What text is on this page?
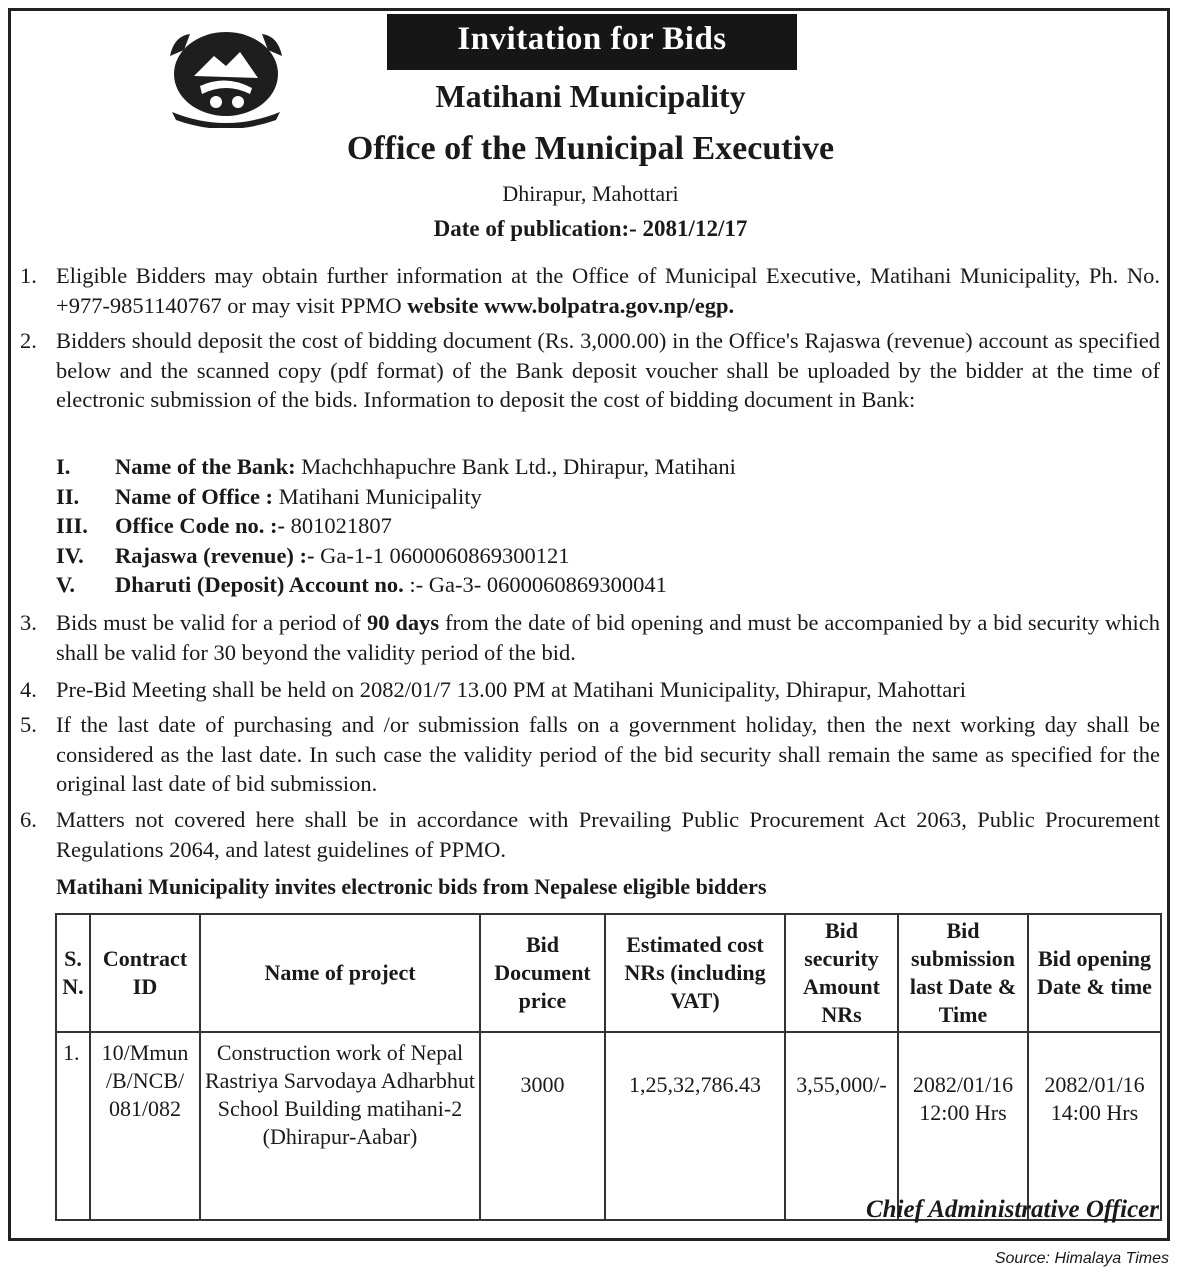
​
Invitation for Bids
Matihani Municipality
Office of the Municipal Executive
Dhirapur, Mahottari
Date of publication:- 2081/12/17
1. Eligible Bidders may obtain further information at the Office of Municipal Executive, Matihani Municipality, Ph. No. +977-9851140767 or may visit PPMO website www.bolpatra.gov.np/egp.
2. Bidders should deposit the cost of bidding document (Rs. 3,000.00) in the Office's Rajaswa (revenue) account as specified below and the scanned copy (pdf format) of the Bank deposit voucher shall be uploaded by the bidder at the time of electronic submission of the bids. Information to deposit the cost of bidding document in Bank:
I. Name of the Bank: Machchhapuchre Bank Ltd., Dhirapur, Matihani
II. Name of Office : Matihani Municipality
III. Office Code no. :- 801021807
IV. Rajaswa (revenue) :- Ga-1-1 0600060869300121
V. Dharuti (Deposit) Account no. :- Ga-3- 0600060869300041
3. Bids must be valid for a period of 90 days from the date of bid opening and must be accompanied by a bid security which shall be valid for 30 beyond the validity period of the bid.
4. Pre-Bid Meeting shall be held on 2082/01/7 13.00 PM at Matihani Municipality, Dhirapur, Mahottari
5. If the last date of purchasing and /or submission falls on a government holiday, then the next working day shall be considered as the last date. In such case the validity period of the bid security shall remain the same as specified for the original last date of bid submission.
6. Matters not covered here shall be in accordance with Prevailing Public Procurement Act 2063, Public Procurement Regulations 2064, and latest guidelines of PPMO.
Matihani Municipality invites electronic bids from Nepalese eligible bidders
S. N.	Contract ID	Name of project	Bid Document price	Estimated cost NRs (including VAT)	Bid security Amount NRs	Bid submission last Date & Time	Bid opening Date & time
1.	10/Mmun /B/NCB/ 081/082	Construction work of Nepal Rastriya Sarvodaya Adharbhut School Building matihani-2 (Dhirapur-Aabar)	3000	1,25,32,786.43	3,55,000/-	2082/01/16 12:00 Hrs	2082/01/16 14:00 Hrs
Chief Administrative Officer
Source: Himalaya Times
